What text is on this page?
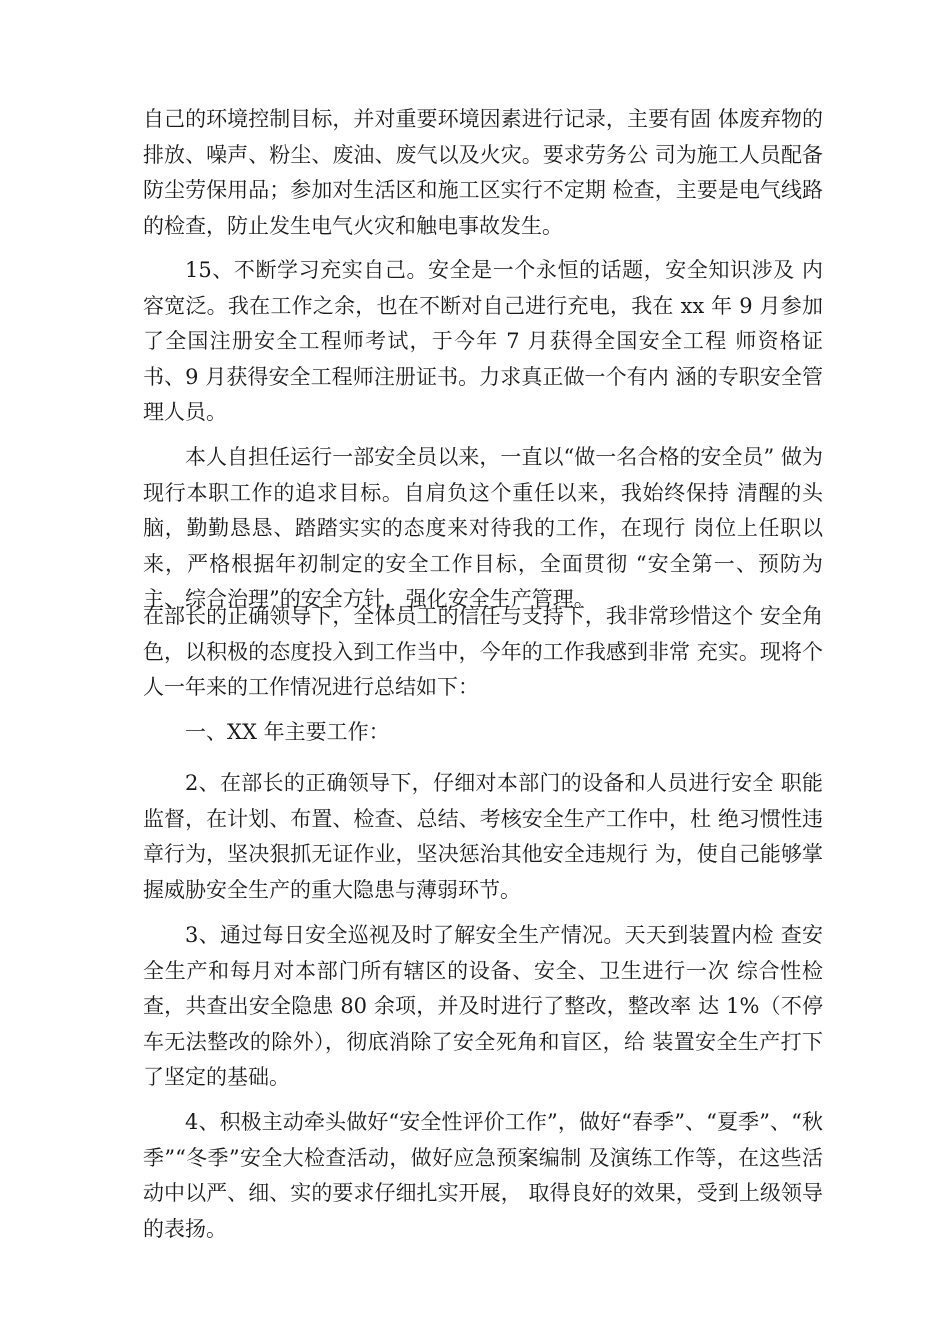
自己的环境控制目标，并对重要环境因素进行记录，主要有固 体废弃物的排放、噪声、粉尘、废油、废气以及火灾。要求劳务公 司为施工人员配备防尘劳保用品；参加对生活区和施工区实行不定期 检查，主要是电气线路的检查，防止发生电气火灾和触电事故发生。

15、不断学习充实自己。安全是一个永恒的话题，安全知识涉及 内容宽泛。我在工作之余，也在不断对自己进行充电，我在 xx 年 9 月参加了全国注册安全工程师考试，于今年 7 月获得全国安全工程 师资格证书、9 月获得安全工程师注册证书。力求真正做一个有内 涵的专职安全管理人员。

本人自担任运行一部安全员以来，一直以“做一名合格的安全员” 做为现行本职工作的追求目标。自肩负这个重任以来，我始终保持 清醒的头脑，勤勤恳恳、踏踏实实的态度来对待我的工作，在现行 岗位上任职以来，严格根据年初制定的安全工作目标，全面贯彻 “安全第一、预防为主、综合治理”的安全方针，强化安全生产管理。

在部长的正确领导下，全体员工的信任与支持下，我非常珍惜这个 安全角色，以积极的态度投入到工作当中，今年的工作我感到非常 充实。现将个人一年来的工作情况进行总结如下：

一、XX 年主要工作：

2、在部长的正确领导下，仔细对本部门的设备和人员进行安全 职能监督，在计划、布置、检查、总结、考核安全生产工作中，杜 绝习惯性违章行为，坚决狠抓无证作业，坚决惩治其他安全违规行 为，使自己能够掌握威胁安全生产的重大隐患与薄弱环节。

3、通过每日安全巡视及时了解安全生产情况。天天到装置内检 查安全生产和每月对本部门所有辖区的设备、安全、卫生进行一次 综合性检查，共查出安全隐患 80 余项，并及时进行了整改，整改率 达 1%（不停车无法整改的除外），彻底消除了安全死角和盲区，给 装置安全生产打下了坚定的基础。

4、积极主动牵头做好“安全性评价工作”，做好“春季”、“夏季”、“秋季”“冬季”安全大检查活动，做好应急预案编制 及演练工作等，在这些活动中以严、细、实的要求仔细扎实开展， 取得良好的效果，受到上级领导的表扬。
